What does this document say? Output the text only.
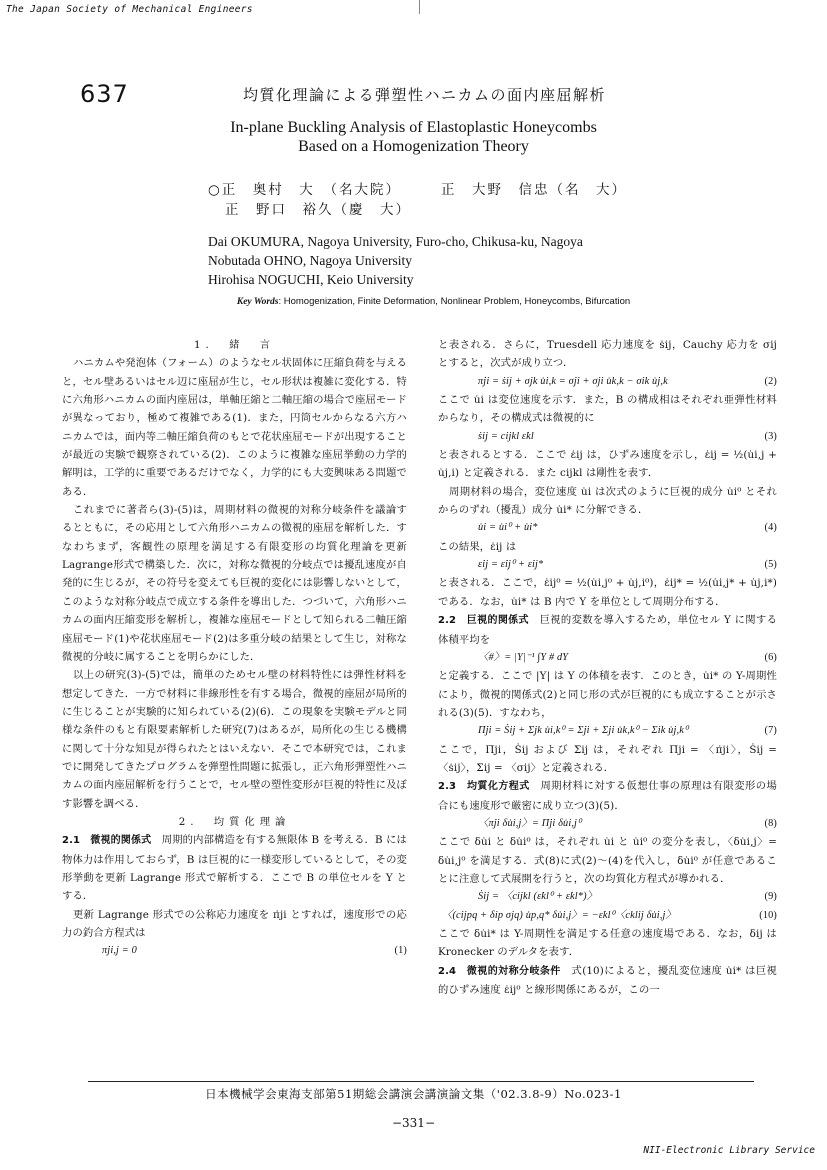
The Japan Society of Mechanical Engineers
637	均質化理論による弾塑性ハニカムの面内座屈解析
In-plane Buckling Analysis of Elastoplastic Honeycombs
Based on a Homogenization Theory
○正　奥村　大　（名大院）	正　大野　信忠（名　大）
正　野口　裕久（慶　大）
Dai OKUMURA, Nagoya University, Furo-cho, Chikusa-ku, Nagoya
Nobutada OHNO, Nagoya University
Hirohisa NOGUCHI, Keio University
Key Words: Homogenization, Finite Deformation, Nonlinear Problem, Honeycombs, Bifurcation

1.　緒　言

ハニカムや発泡体（フォーム）のようなセル状固体に圧縮負荷を与えると，セル壁あるいはセル辺に座屈が生じ，セル形状は複雑に変化する．特に六角形ハニカムの面内座屈は，単軸圧縮と二軸圧縮の場合で座屈モードが異なっており，極めて複雑である(1)．また，円筒セルからなる六方ハニカムでは，面内等二軸圧縮負荷のもとで花状座屈モードが出現することが最近の実験で観察されている(2)．このように複雑な座屈挙動の力学的解明は，工学的に重要であるだけでなく，力学的にも大変興味ある問題である．

これまでに著者ら(3)-(5)は，周期材料の微視的対称分岐条件を議論するとともに，その応用として六角形ハニカムの微視的座屈を解析した．すなわちまず，客観性の原理を満足する有限変形の均質化理論を更新Lagrange形式で構築した．次に，対称な微視的分岐点では擾乱速度が自発的に生じるが，その符号を変えても巨視的変化には影響しないとして，このような対称分岐点で成立する条件を導出した．つづいて，六角形ハニカムの面内圧縮変形を解析し，複雑な座屈モードとして知られる二軸圧縮座屈モード(1)や花状座屈モード(2)は多重分岐の結果として生じ，対称な微視的分岐に属することを明らかにした．

以上の研究(3)-(5)では，簡単のためセル壁の材料特性には弾性材料を想定してきた．一方で材料に非線形性を有する場合，微視的座屈が局所的に生じることが実験的に知られている(2)(6)．この現象を実験モデルと同様な条件のもと有限要素解析した研究(7)はあるが，局所化の生じる機構に関して十分な知見が得られたとはいえない．そこで本研究では，これまでに開発してきたプログラムを弾塑性問題に拡張し，正六角形弾塑性ハニカムの面内座屈解析を行うことで，セル壁の塑性変形が巨視的特性に及ぼす影響を調べる．

2.　均質化理論

2.1　微視的関係式　 周期的内部構造を有する無限体 B を考える．B には物体力は作用しておらず，B は巨視的に一様変形しているとして，その変形挙動を更新 Lagrange 形式で解析する．ここで B の単位セルを Y とする．

更新 Lagrange 形式での公称応力速度を π̇ji とすれば，速度形での応力の釣合方程式は

π̇ji,j = 0	(1)

と表される．さらに，Truesdell 応力速度を ṡij，Cauchy 応力を σij とすると，次式が成り立つ．

π̇ji = ṡij + σjk u̇i,k = σ̇ji + σji u̇k,k − σik u̇j,k	(2)

ここで u̇i は変位速度を示す．また，B の構成相はそれぞれ亜弾性材料からなり，その構成式は微視的に

ṡij = cijkl ε̇kl	(3)

と表されるとする．ここで ε̇ij は，ひずみ速度を示し，ε̇ij = ½(u̇i,j + u̇j,i) と定義される．また cijkl は剛性を表す．

周期材料の場合，変位速度 u̇i は次式のように巨視的成分 u̇i⁰ とそれからのずれ（擾乱）成分 u̇i* に分解できる．

u̇i = u̇i⁰ + u̇i*	(4)

この結果，ε̇ij は

ε̇ij = ε̇ij⁰ + ε̇ij*	(5)

と表される．ここで，ε̇ij⁰ = ½(u̇i,j⁰ + u̇j,i⁰)，ε̇ij* = ½(u̇i,j* + u̇j,i*) である．なお，u̇i* は B 内で Y を単位として周期分布する．

2.2　巨視的関係式　 巨視的変数を導入するため，単位セル Y に関する体積平均を

〈#〉= |Y|⁻¹ ∫Y # dY	(6)

と定義する．ここで |Y| は Y の体積を表す．このとき，u̇i* の Y-周期性により，微視的関係式(2)と同じ形の式が巨視的にも成立することが示される(3)(5)．すなわち，

Π̇ji = Ṡij + Σjk u̇i,k⁰ = Σ̇ji + Σji u̇k,k⁰ − Σik u̇j,k⁰	(7)

ここで，Π̇ji，Ṡij および Σij は，それぞれ Π̇ji = 〈π̇ji〉，Ṡij = 〈ṡij〉，Σij = 〈σij〉と定義される．

2.3　均質化方程式　 周期材料に対する仮想仕事の原理は有限変形の場合にも速度形で厳密に成り立つ(3)(5)．

〈π̇ji δu̇i,j〉= Π̇ji δu̇i,j⁰	(8)

ここで δu̇i と δu̇i⁰ は，それぞれ u̇i と u̇i⁰ の変分を表し，〈δu̇i,j〉= δu̇i,j⁰ を満足する．式(8)に式(2)〜(4)を代入し，δu̇i⁰ が任意であることに注意して式展開を行うと，次の均質化方程式が導かれる．

Ṡij = 〈cijkl (ε̇kl⁰ + ε̇kl*)〉	(9)
〈(cijpq + δip σjq) u̇p,q* δu̇i,j〉= −ε̇kl⁰〈cklij δu̇i,j〉	(10)

ここで δu̇i* は Y-周期性を満足する任意の速度場である．なお，δij は Kronecker のデルタを表す．

2.4　微視的対称分岐条件　 式(10)によると，擾乱変位速度 u̇i* は巨視的ひずみ速度 ε̇ij⁰ と線形関係にあるが，この一

日本機械学会東海支部第51期総会講演会講演論文集（'02.3.8-9）No.023-1
−331−
NII-Electronic Library Service
